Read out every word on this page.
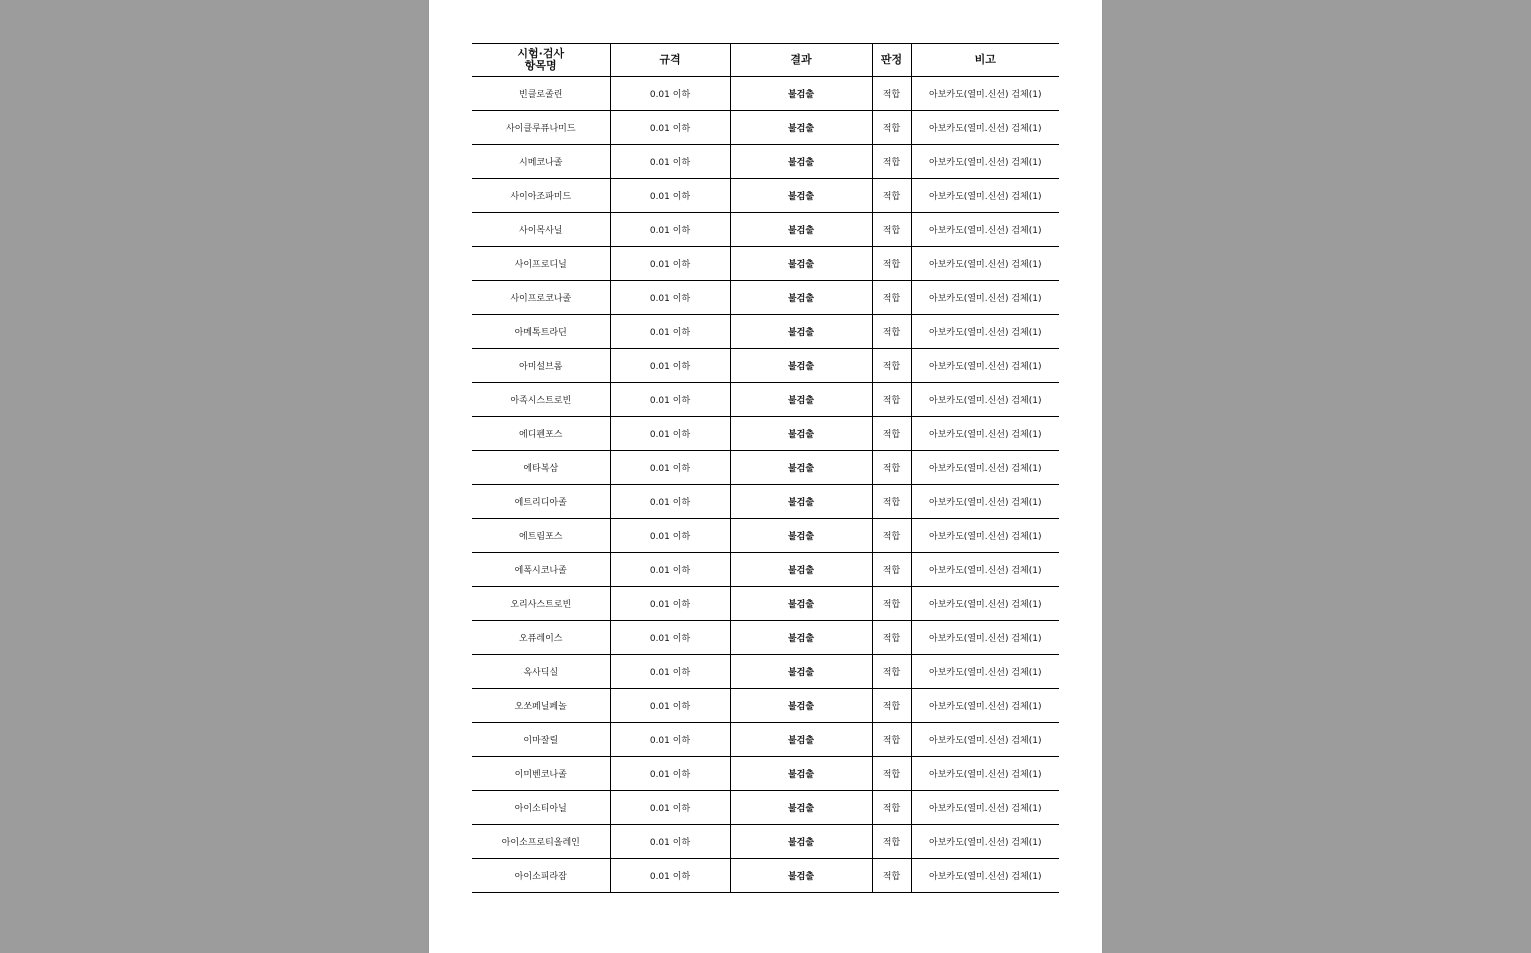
시험·검사
항목명	규격	결과	판정	비고
빈클로졸린	0.01 이하	불검출	적합	아보카도(열미.신선) 검체(1)
사이클루퓨나미드	0.01 이하	불검출	적합	아보카도(열미.신선) 검체(1)
시메코나졸	0.01 이하	불검출	적합	아보카도(열미.신선) 검체(1)
사이아조파미드	0.01 이하	불검출	적합	아보카도(열미.신선) 검체(1)
사이목사닐	0.01 이하	불검출	적합	아보카도(열미.신선) 검체(1)
사이프로디닐	0.01 이하	불검출	적합	아보카도(열미.신선) 검체(1)
사이프로코나졸	0.01 이하	불검출	적합	아보카도(열미.신선) 검체(1)
아메톡트라딘	0.01 이하	불검출	적합	아보카도(열미.신선) 검체(1)
아미설브롬	0.01 이하	불검출	적합	아보카도(열미.신선) 검체(1)
아족시스트로빈	0.01 이하	불검출	적합	아보카도(열미.신선) 검체(1)
에디펜포스	0.01 이하	불검출	적합	아보카도(열미.신선) 검체(1)
에타복삼	0.01 이하	불검출	적합	아보카도(열미.신선) 검체(1)
에트리디아졸	0.01 이하	불검출	적합	아보카도(열미.신선) 검체(1)
에트림포스	0.01 이하	불검출	적합	아보카도(열미.신선) 검체(1)
에폭시코나졸	0.01 이하	불검출	적합	아보카도(열미.신선) 검체(1)
오리사스트로빈	0.01 이하	불검출	적합	아보카도(열미.신선) 검체(1)
오퓨레이스	0.01 이하	불검출	적합	아보카도(열미.신선) 검체(1)
옥사딕실	0.01 이하	불검출	적합	아보카도(열미.신선) 검체(1)
오쏘페닐페놀	0.01 이하	불검출	적합	아보카도(열미.신선) 검체(1)
이마잘릴	0.01 이하	불검출	적합	아보카도(열미.신선) 검체(1)
이미벤코나졸	0.01 이하	불검출	적합	아보카도(열미.신선) 검체(1)
아이소티아닐	0.01 이하	불검출	적합	아보카도(열미.신선) 검체(1)
아이소프로티올레인	0.01 이하	불검출	적합	아보카도(열미.신선) 검체(1)
아이소피라잠	0.01 이하	불검출	적합	아보카도(열미.신선) 검체(1)
